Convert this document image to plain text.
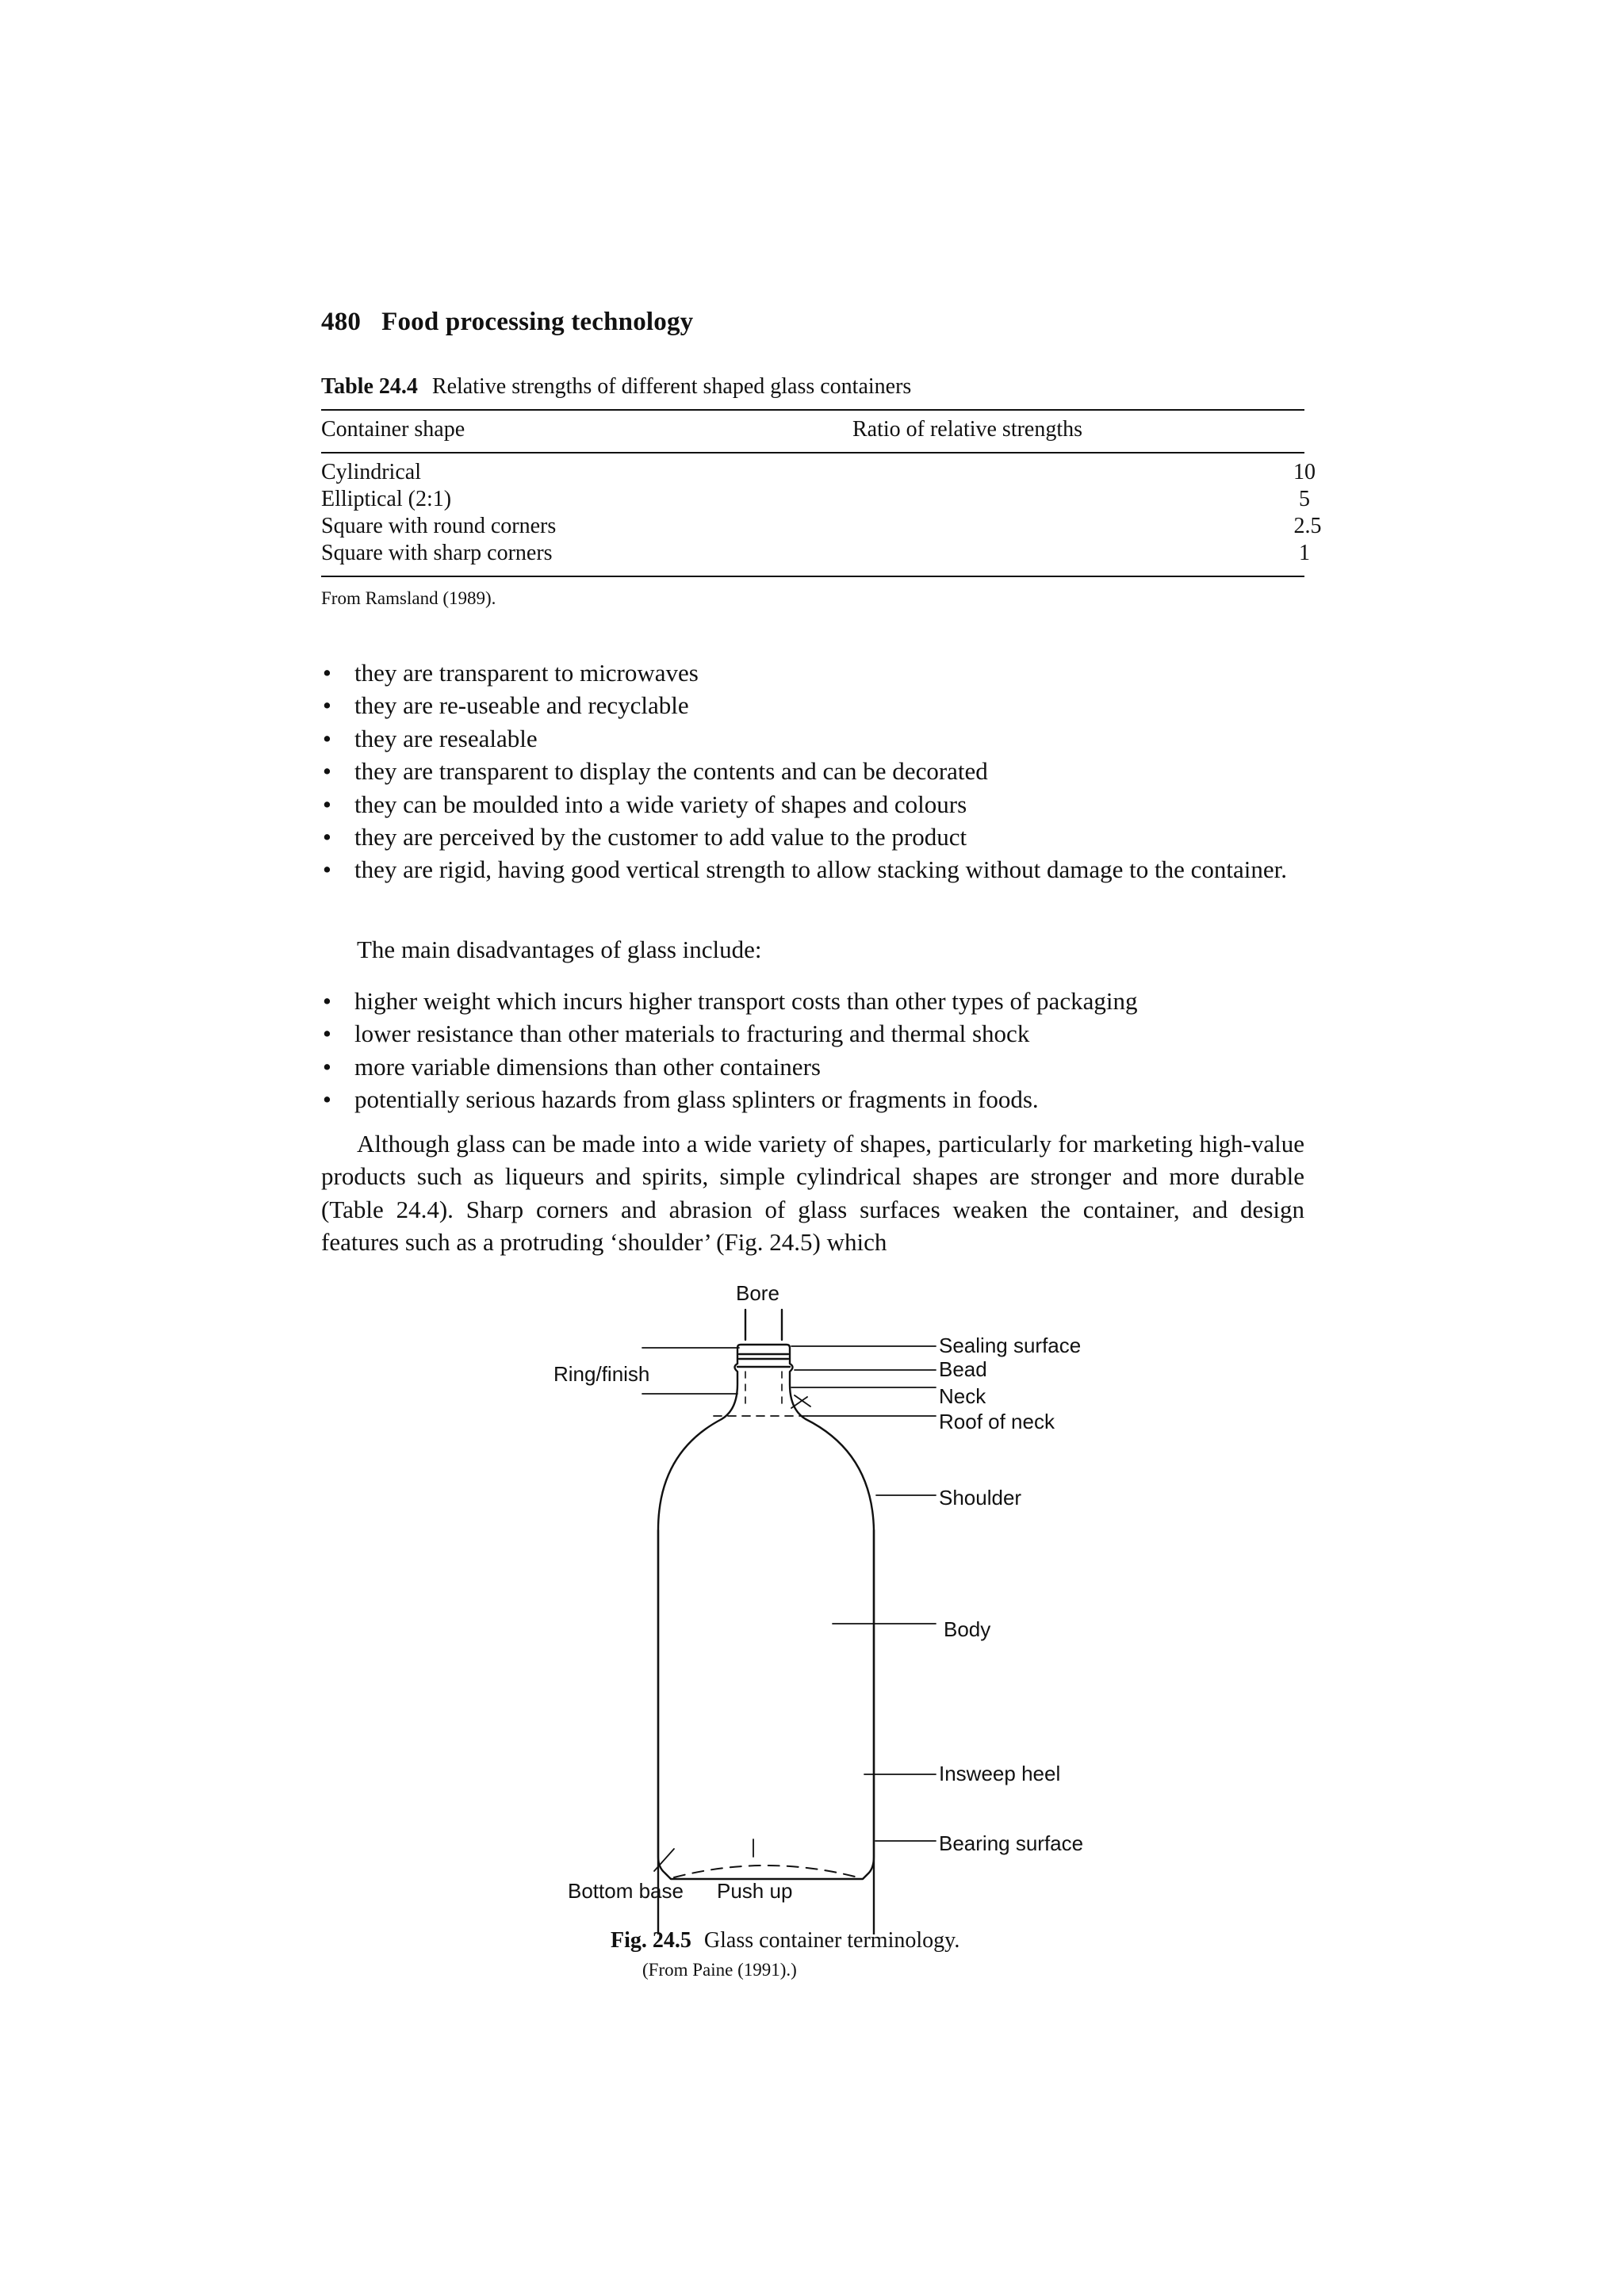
480 Food processing technology
Table 24.4 Relative strengths of different shaped glass containers
Container shape	Ratio of relative strengths
Cylindrical	10
Elliptical (2:1)	5
Square with round corners	2.5
Square with sharp corners	1
From Ramsland (1989).
• they are transparent to microwaves
• they are re-useable and recyclable
• they are resealable
• they are transparent to display the contents and can be decorated
• they can be moulded into a wide variety of shapes and colours
• they are perceived by the customer to add value to the product
• they are rigid, having good vertical strength to allow stacking without damage to the container.
The main disadvantages of glass include:
• higher weight which incurs higher transport costs than other types of packaging
• lower resistance than other materials to fracturing and thermal shock
• more variable dimensions than other containers
• potentially serious hazards from glass splinters or fragments in foods.

Although glass can be made into a wide variety of shapes, particularly for marketing high-value products such as liqueurs and spirits, simple cylindrical shapes are stronger and more durable (Table 24.4). Sharp corners and abrasion of glass surfaces weaken the container, and design features such as a protruding ‘shoulder’ (Fig. 24.5) which

Bore
Ring/finish
Sealing surface
Bead
Neck
Roof of neck
Shoulder
Body
Insweep heel
Bearing surface
Bottom base Push up
Fig. 24.5 Glass container terminology.
(From Paine (1991).)
